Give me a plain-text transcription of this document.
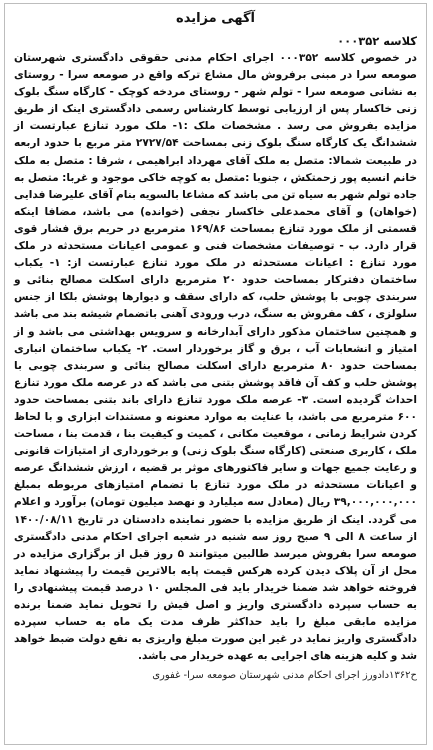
آگهی مزایده
کلاسه ۰۰۰۳۵۲

در خصوص کلاسه ۰۰۰۳۵۲ اجرای احکام مدنی حقوقی دادگستری شهرستان صومعه سرا در مبنی برفروش مال مشاع ترکه واقع در صومعه سرا - روستای به نشانی صومعه سرا - تولم شهر - روستای مردخه کوچک - کارگاه سنگ بلوک زنی خاکسار پس از ارزیابی توسط کارشناس رسمی دادگستری اینک از طریق مزایده بفروش می رسد . مشخصات ملک :۱- ملک مورد تنازع عبارتست از ششدانگ یک کارگاه سنگ بلوک زنی بمساحت ۲۷۲۷/۵۴ متر مربع با حدود اربعه در طبیعت شمالا: متصل به ملک آقای مهرداد ابراهیمی ، شرقا : متصل به ملک خانم انسیه پور زحمتکش ، جنوبا :متصل به کوچه خاکی موجود و غربا: متصل به جاده تولم شهر به سیاه تن می باشد که مشاعا بالسویه بنام آقای علیرضا فدایی (خواهان) و آقای محمدعلی خاکسار نجفی (خوانده) می باشد، مضافا اینکه قسمتی از ملک مورد تنازع بمساحت ۱۶۹/۸۶ مترمربع در حریم برق فشار قوی قرار دارد. ب - توصیفات مشخصات فنی و عمومی اعیانات مستحدثه در ملک مورد تنازع : اعیانات مستحدثه در ملک مورد تنازع عبارتست از: ۱- یکباب ساختمان دفترکار بمساحت حدود ۲۰ مترمربع دارای اسکلت مصالح بنائی و سربندی چوبی با پوشش حلب، که دارای سقف و دیوارها پوشش بلکا از جنس سلولزی ، کف مفروش به سنگ، درب ورودی آهنی باتضمام شیشه بند می باشد و همچنین ساختمان مذکور دارای آبدارخانه و سرویس بهداشتی می باشد و از امتیاز و انشعابات آب ، برق و گاز برخوردار است. ۲- یکباب ساختمان انباری بمساحت حدود ۸۰ مترمربع دارای اسکلت مصالح بنائی و سربندی چوبی با پوشش حلب و کف آن فاقد پوشش بتنی می باشد که در عرصه ملک مورد تنازع احداث گردیده است. ۳- عرصه ملک مورد تنازع دارای باند بتنی بمساحت حدود ۶۰۰ مترمربع می باشد، با عنایت به موارد معنونه و مستندات ابزاری و با لحاظ کردن شرایط زمانی ، موقعیت مکانی ، کمیت و کیفیت بنا ، قدمت بنا ، مساحت ملک ، کاربری صنعتی (کارگاه سنگ بلوک زنی) و برخورداری از امتیازات قانونی و رعایت جمیع جهات و سایر فاکتورهای موثر بر قضیه ، ارزش ششدانگ عرصه و اعیانات مستحدثه در ملک مورد تنازع با تضمام امتیازهای مربوطه بمبلغ ۳۹,۰۰۰,۰۰۰,۰۰۰ ریال (معادل سه میلیارد و نهصد میلیون تومان) برآورد و اعلام می گردد. اینک از طریق مزایده با حضور نماینده دادستان در تاریخ ۱۴۰۰/۰۸/۱۱ از ساعت ۸ الی ۹ صبح روز سه شنبه در شعبه اجرای احکام مدنی دادگستری صومعه سرا بفروش میرسد طالبین میتوانند ۵ روز قبل از برگزاری مزایده در محل از آن پلاک دیدن کرده هرکس قیمت پایه بالاترین قیمت را پیشنهاد نماید فروخته خواهد شد ضمنا خریدار باید فی المجلس ۱۰ درصد قیمت پیشنهادی را به حساب سپرده دادگستری واریز و اصل فیش را تحویل نماید ضمنا برنده مزایده مابقی مبلغ را باید حداکثر ظرف مدت یک ماه به حساب سپرده دادگستری واریز نماید در غیر این صورت مبلغ واریزی به نفع دولت ضبط خواهد شد و کلیه هزینه های اجرایی به عهده خریدار می باشد.

ح۱۳۶۲دادورز اجرای احکام مدنی شهرستان صومعه سرا- غفوری
